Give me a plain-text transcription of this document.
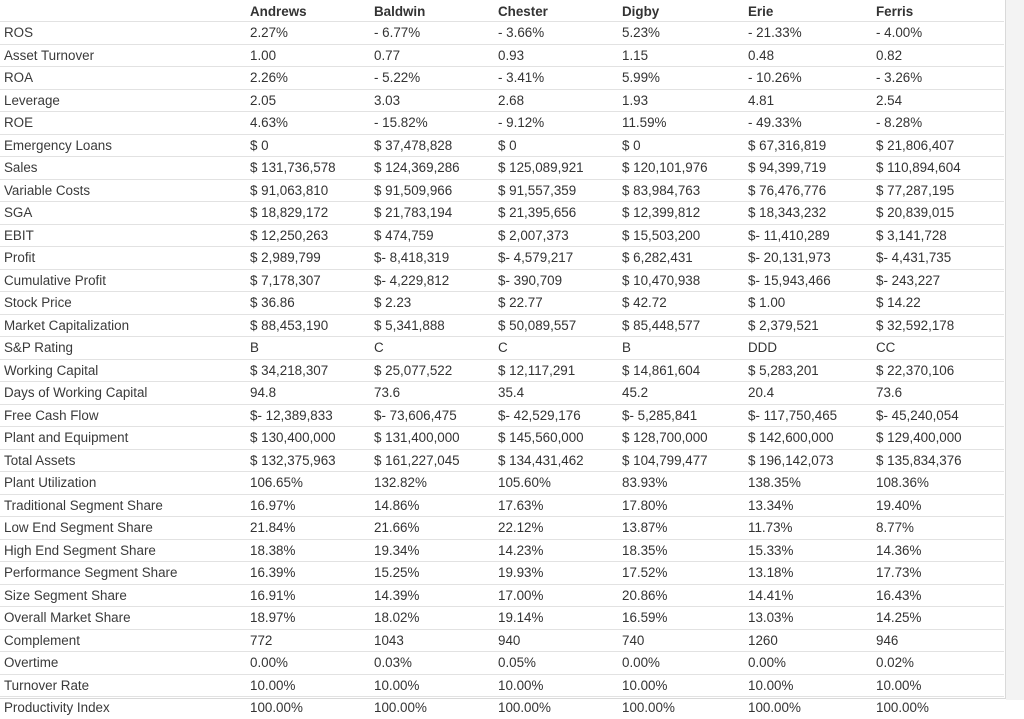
	Andrews	Baldwin	Chester	Digby	Erie	Ferris
ROS	2.27%	- 6.77%	- 3.66%	5.23%	- 21.33%	- 4.00%
Asset Turnover	1.00	0.77	0.93	1.15	0.48	0.82
ROA	2.26%	- 5.22%	- 3.41%	5.99%	- 10.26%	- 3.26%
Leverage	2.05	3.03	2.68	1.93	4.81	2.54
ROE	4.63%	- 15.82%	- 9.12%	11.59%	- 49.33%	- 8.28%
Emergency Loans	$ 0	$ 37,478,828	$ 0	$ 0	$ 67,316,819	$ 21,806,407
Sales	$ 131,736,578	$ 124,369,286	$ 125,089,921	$ 120,101,976	$ 94,399,719	$ 110,894,604
Variable Costs	$ 91,063,810	$ 91,509,966	$ 91,557,359	$ 83,984,763	$ 76,476,776	$ 77,287,195
SGA	$ 18,829,172	$ 21,783,194	$ 21,395,656	$ 12,399,812	$ 18,343,232	$ 20,839,015
EBIT	$ 12,250,263	$ 474,759	$ 2,007,373	$ 15,503,200	$- 11,410,289	$ 3,141,728
Profit	$ 2,989,799	$- 8,418,319	$- 4,579,217	$ 6,282,431	$- 20,131,973	$- 4,431,735
Cumulative Profit	$ 7,178,307	$- 4,229,812	$- 390,709	$ 10,470,938	$- 15,943,466	$- 243,227
Stock Price	$ 36.86	$ 2.23	$ 22.77	$ 42.72	$ 1.00	$ 14.22
Market Capitalization	$ 88,453,190	$ 5,341,888	$ 50,089,557	$ 85,448,577	$ 2,379,521	$ 32,592,178
S&P Rating	B	C	C	B	DDD	CC
Working Capital	$ 34,218,307	$ 25,077,522	$ 12,117,291	$ 14,861,604	$ 5,283,201	$ 22,370,106
Days of Working Capital	94.8	73.6	35.4	45.2	20.4	73.6
Free Cash Flow	$- 12,389,833	$- 73,606,475	$- 42,529,176	$- 5,285,841	$- 117,750,465	$- 45,240,054
Plant and Equipment	$ 130,400,000	$ 131,400,000	$ 145,560,000	$ 128,700,000	$ 142,600,000	$ 129,400,000
Total Assets	$ 132,375,963	$ 161,227,045	$ 134,431,462	$ 104,799,477	$ 196,142,073	$ 135,834,376
Plant Utilization	106.65%	132.82%	105.60%	83.93%	138.35%	108.36%
Traditional Segment Share	16.97%	14.86%	17.63%	17.80%	13.34%	19.40%
Low End Segment Share	21.84%	21.66%	22.12%	13.87%	11.73%	8.77%
High End Segment Share	18.38%	19.34%	14.23%	18.35%	15.33%	14.36%
Performance Segment Share	16.39%	15.25%	19.93%	17.52%	13.18%	17.73%
Size Segment Share	16.91%	14.39%	17.00%	20.86%	14.41%	16.43%
Overall Market Share	18.97%	18.02%	19.14%	16.59%	13.03%	14.25%
Complement	772	1043	940	740	1260	946
Overtime	0.00%	0.03%	0.05%	0.00%	0.00%	0.02%
Turnover Rate	10.00%	10.00%	10.00%	10.00%	10.00%	10.00%
Productivity Index	100.00%	100.00%	100.00%	100.00%	100.00%	100.00%
